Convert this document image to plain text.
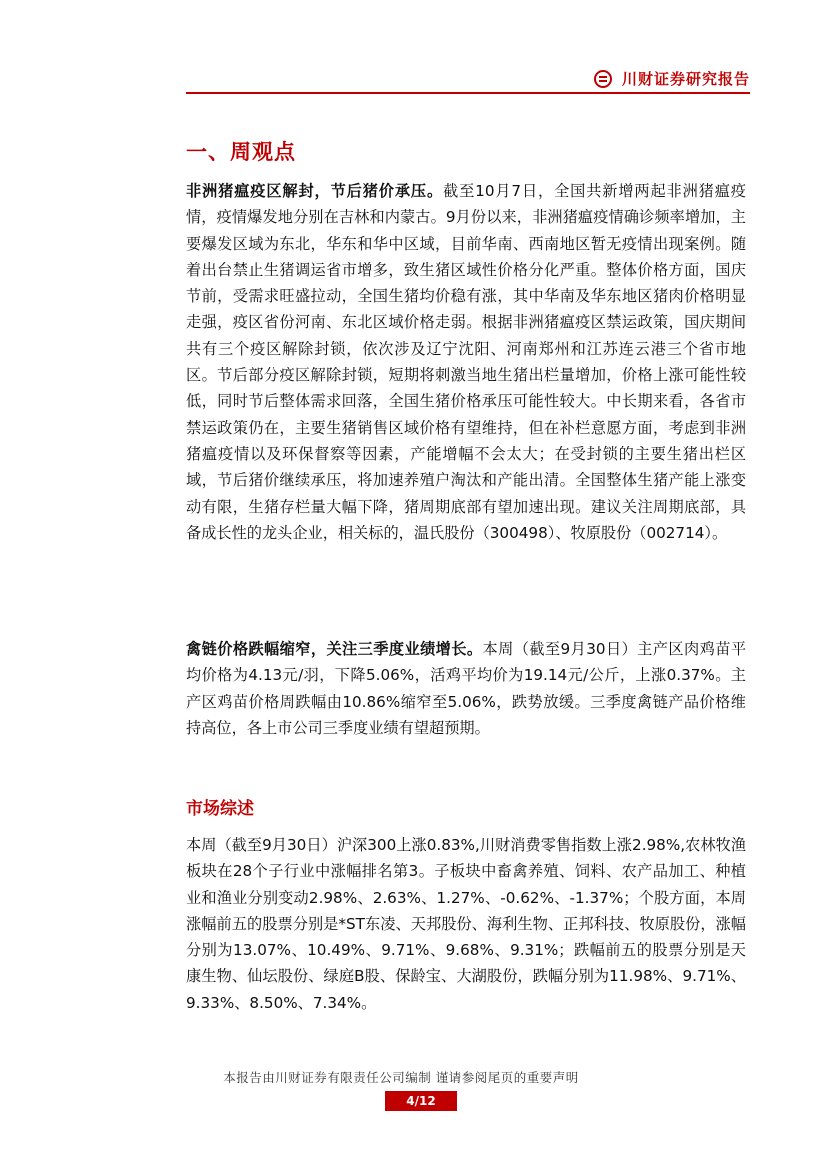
川财证券研究报告
一、周观点
非洲猪瘟疫区解封，节后猪价承压。截至10月7日，全国共新增两起非洲猪瘟疫情，疫情爆发地分别在吉林和内蒙古。9月份以来，非洲猪瘟疫情确诊频率增加，主要爆发区域为东北，华东和华中区域，目前华南、西南地区暂无疫情出现案例。随着出台禁止生猪调运省市增多，致生猪区域性价格分化严重。整体价格方面，国庆节前，受需求旺盛拉动，全国生猪均价稳有涨，其中华南及华东地区猪肉价格明显走强，疫区省份河南、东北区域价格走弱。根据非洲猪瘟疫区禁运政策，国庆期间共有三个疫区解除封锁，依次涉及辽宁沈阳、河南郑州和江苏连云港三个省市地区。节后部分疫区解除封锁，短期将刺激当地生猪出栏量增加，价格上涨可能性较低，同时节后整体需求回落，全国生猪价格承压可能性较大。中长期来看，各省市禁运政策仍在，主要生猪销售区域价格有望维持，但在补栏意愿方面，考虑到非洲猪瘟疫情以及环保督察等因素，产能增幅不会太大；在受封锁的主要生猪出栏区域，节后猪价继续承压，将加速养殖户淘汰和产能出清。全国整体生猪产能上涨变动有限，生猪存栏量大幅下降，猪周期底部有望加速出现。建议关注周期底部，具备成长性的龙头企业，相关标的，温氏股份（300498）、牧原股份（002714）。
禽链价格跌幅缩窄，关注三季度业绩增长。本周（截至9月30日）主产区肉鸡苗平均价格为4.13元/羽，下降5.06%，活鸡平均价为19.14元/公斤，上涨0.37%。主产区鸡苗价格周跌幅由10.86%缩窄至5.06%，跌势放缓。三季度禽链产品价格维持高位，各上市公司三季度业绩有望超预期。
市场综述
本周（截至9月30日）沪深300上涨0.83%,川财消费零售指数上涨2.98%,农林牧渔板块在28个子行业中涨幅排名第3。子板块中畜禽养殖、饲料、农产品加工、种植业和渔业分别变动2.98%、2.63%、1.27%、-0.62%、-1.37%；个股方面，本周涨幅前五的股票分别是*ST东凌、天邦股份、海利生物、正邦科技、牧原股份，涨幅分别为13.07%、10.49%、9.71%、9.68%、9.31%；跌幅前五的股票分别是天康生物、仙坛股份、绿庭B股、保龄宝、大湖股份，跌幅分别为11.98%、9.71%、9.33%、8.50%、7.34%。
本报告由川财证券有限责任公司编制 谨请参阅尾页的重要声明
4/12
